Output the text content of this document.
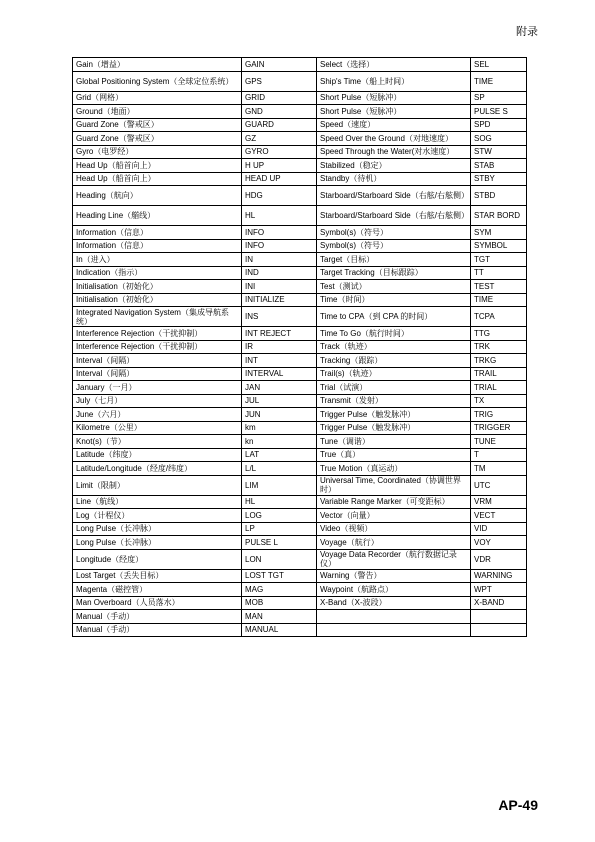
附录
Gain（增益）	GAIN	Select（选择）	SEL
Global Positioning System（全球定位系统）	GPS	Ship's Time（船上时间）	TIME
Grid（网格）	GRID	Short Pulse（短脉冲）	SP
Ground（地面）	GND	Short Pulse（短脉冲）	PULSE S
Guard Zone（警戒区）	GUARD	Speed（速度）	SPD
Guard Zone（警戒区）	GZ	Speed Over the Ground（对地速度）	SOG
Gyro（电罗经）	GYRO	Speed Through the Water(对水速度）	STW
Head Up（船首向上）	H UP	Stabilized（稳定）	STAB
Head Up（船首向上）	HEAD UP	Standby（待机）	STBY
Heading（航向）	HDG	Starboard/Starboard Side（右舷/右舷侧）	STBD
Heading Line（艏线）	HL	Starboard/Starboard Side（右舷/右舷侧）	STAR BORD
Information（信息）	INFO	Symbol(s)（符号）	SYM
Information（信息）	INFO	Symbol(s)（符号）	SYMBOL
In（进入）	IN	Target（目标）	TGT
Indication（指示）	IND	Target Tracking（目标跟踪）	TT
Initialisation（初始化）	INI	Test（测试）	TEST
Initialisation（初始化）	INITIALIZE	Time（时间）	TIME
Integrated Navigation System（集成导航系统）	INS	Time to CPA（到 CPA 的时间）	TCPA
Interference Rejection（干扰抑制）	INT REJECT	Time To Go（航行时间）	TTG
Interference Rejection（干扰抑制）	IR	Track（轨迹）	TRK
Interval（间隔）	INT	Tracking（跟踪）	TRKG
Interval（间隔）	INTERVAL	Trail(s)（轨迹）	TRAIL
January（一月）	JAN	Trial（试演）	TRIAL
July（七月）	JUL	Transmit（发射）	TX
June（六月）	JUN	Trigger Pulse（触发脉冲）	TRIG
Kilometre（公里）	km	Trigger Pulse（触发脉冲）	TRIGGER
Knot(s)（节）	kn	Tune（调谐）	TUNE
Latitude（纬度）	LAT	True（真）	T
Latitude/Longitude（经度/纬度）	L/L	True Motion（真运动）	TM
Limit（限制）	LIM	Universal Time, Coordinated（协调世界时）	UTC
Line（航线）	HL	Variable Range Marker（可变距标）	VRM
Log（计程仪）	LOG	Vector（向量）	VECT
Long Pulse（长冲脉）	LP	Video（视频）	VID
Long Pulse（长冲脉）	PULSE L	Voyage（航行）	VOY
Longitude（经度）	LON	Voyage Data Recorder（航行数据记录仪）	VDR
Lost Target（丢失目标）	LOST TGT	Warning（警告）	WARNING
Magenta（磁控管）	MAG	Waypoint（航路点）	WPT
Man Overboard（人员落水）	MOB	X-Band（X-波段）	X-BAND
Manual（手动）	MAN		
Manual（手动）	MANUAL		
AP-49
